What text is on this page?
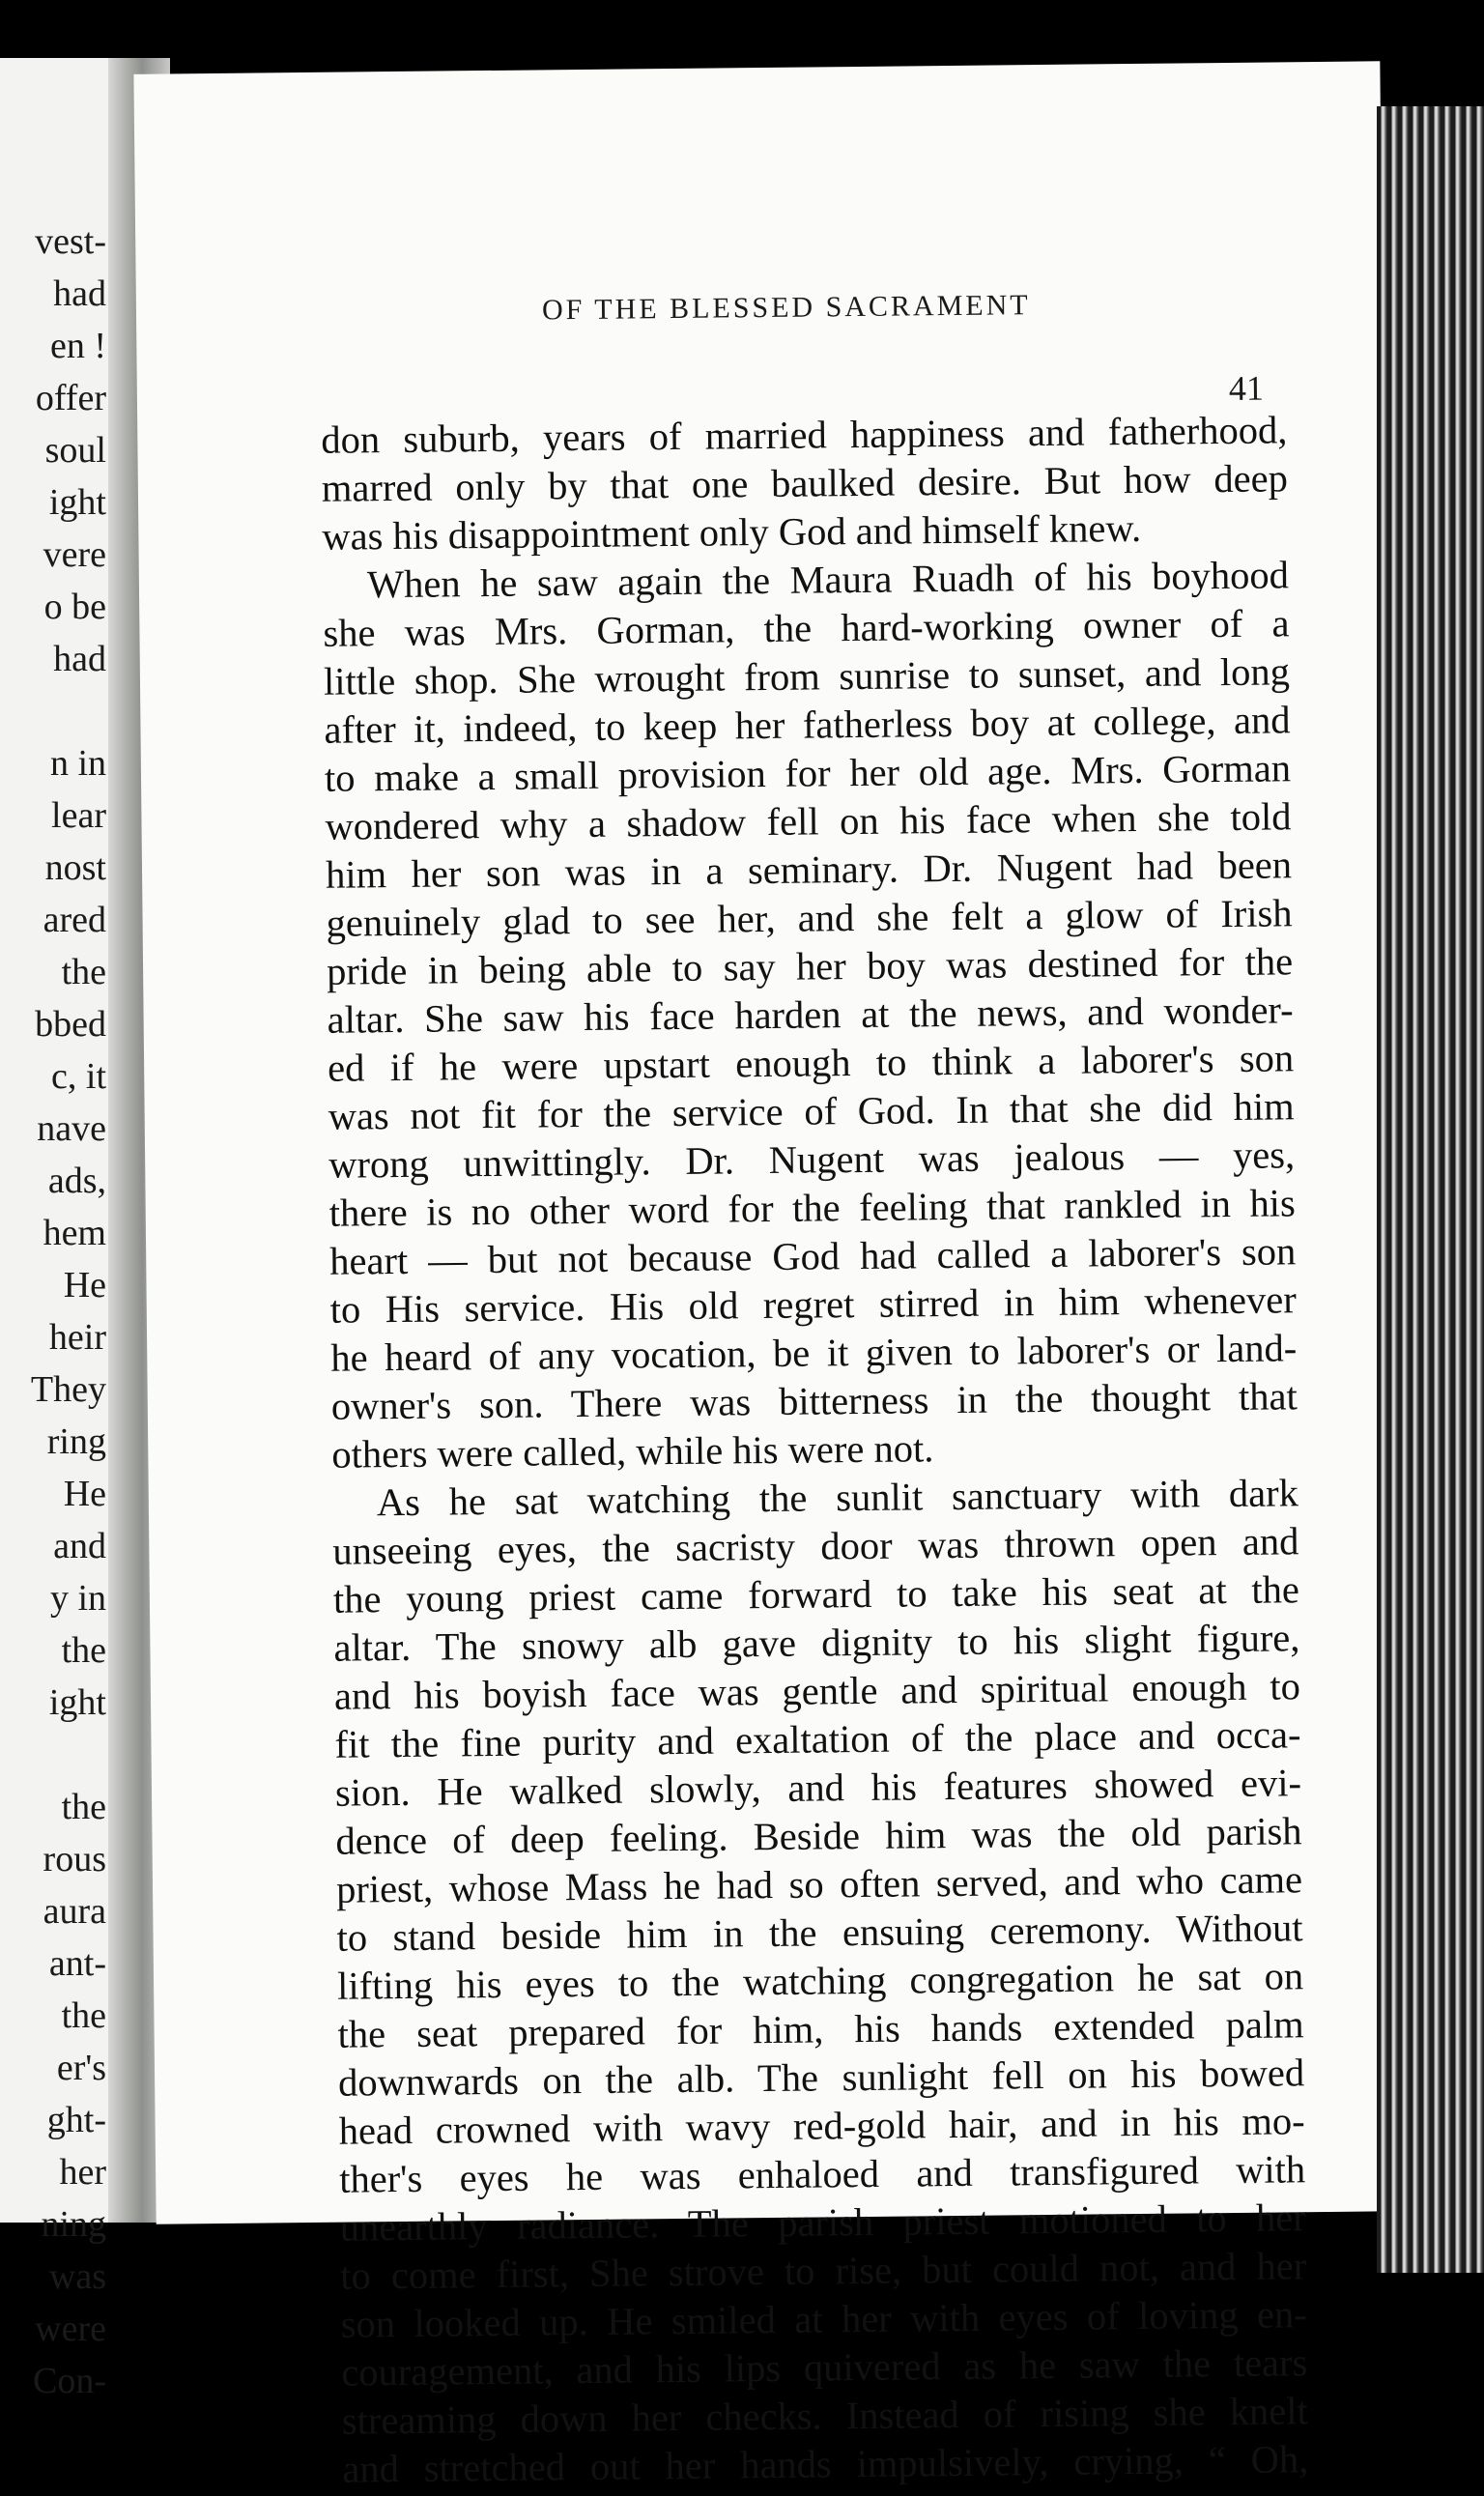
vest-
had
en !
offer
soul
ight
vere
o be
had
n in
lear
nost
ared
the
bbed
c, it
nave
ads,
hem
He
heir
They
ring
He
and
y in
the
ight
the
rous
aura
ant-
the
er's
ght-
her
ning
was
were
Con-
OF THE BLESSED SACRAMENT
41
don suburb, years of married happiness and fatherhood,
marred only by that one baulked desire. But how deep
was his disappointment only God and himself knew.
When he saw again the Maura Ruadh of his boyhood
she was Mrs. Gorman, the hard-working owner of a
little shop. She wrought from sunrise to sunset, and long
after it, indeed, to keep her fatherless boy at college, and
to make a small provision for her old age. Mrs. Gorman
wondered why a shadow fell on his face when she told
him her son was in a seminary. Dr. Nugent had been
genuinely glad to see her, and she felt a glow of Irish
pride in being able to say her boy was destined for the
altar. She saw his face harden at the news, and wonder-
ed if he were upstart enough to think a laborer's son
was not fit for the service of God. In that she did him
wrong unwittingly. Dr. Nugent was jealous — yes,
there is no other word for the feeling that rankled in his
heart — but not because God had called a laborer's son
to His service. His old regret stirred in him whenever
he heard of any vocation, be it given to laborer's or land-
owner's son. There was bitterness in the thought that
others were called, while his were not.
As he sat watching the sunlit sanctuary with dark
unseeing eyes, the sacristy door was thrown open and
the young priest came forward to take his seat at the
altar. The snowy alb gave dignity to his slight figure,
and his boyish face was gentle and spiritual enough to
fit the fine purity and exaltation of the place and occa-
sion. He walked slowly, and his features showed evi-
dence of deep feeling. Beside him was the old parish
priest, whose Mass he had so often served, and who came
to stand beside him in the ensuing ceremony. Without
lifting his eyes to the watching congregation he sat on
the seat prepared for him, his hands extended palm
downwards on the alb. The sunlight fell on his bowed
head crowned with wavy red-gold hair, and in his mo-
ther's eyes he was enhaloed and transfigured with
unearthly radiance. The parish priest motioned to her
to come first, She strove to rise, but could not, and her
son looked up. He smiled at her with eyes of loving en-
couragement, and his lips quivered as he saw the tears
streaming down her checks. Instead of rising she knelt
and stretched out her hands impulsively, crying, “ Oh,
